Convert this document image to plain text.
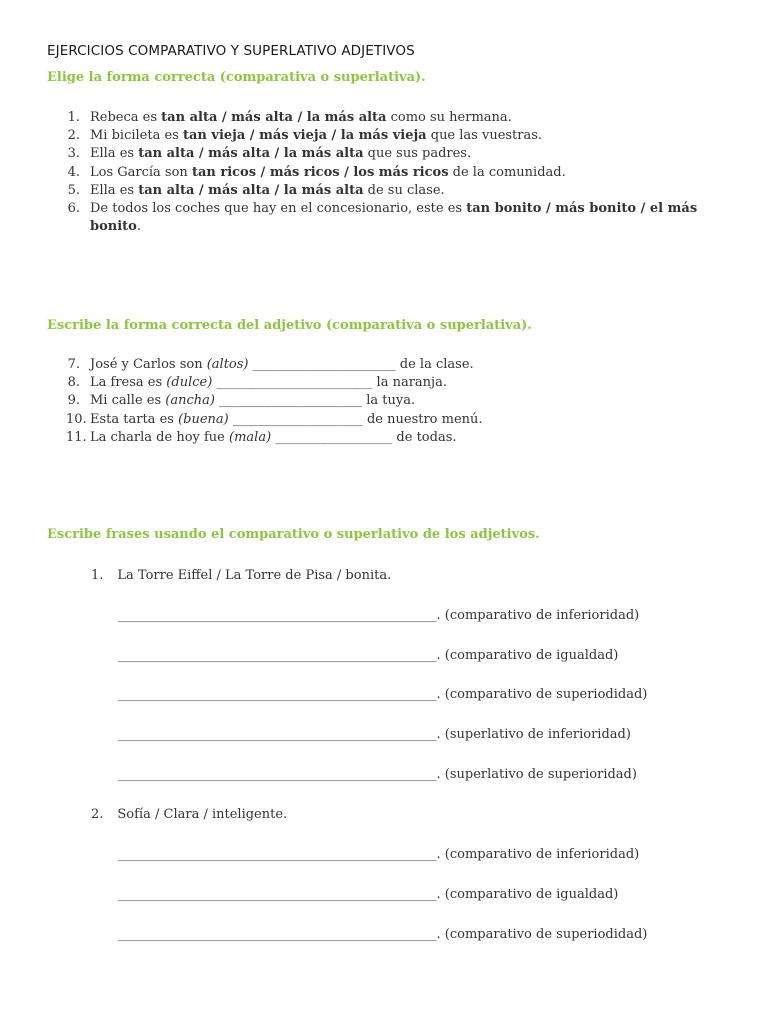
EJERCICIOS COMPARATIVO Y SUPERLATIVO ADJETIVOS
Elige la forma correcta (comparativa o superlativa).
1. Rebeca es tan alta / más alta / la más alta como su hermana.
2. Mi bicileta es tan vieja / más vieja / la más vieja que las vuestras.
3. Ella es tan alta / más alta / la más alta que sus padres.
4. Los García son tan ricos / más ricos / los más ricos de la comunidad.
5. Ella es tan alta / más alta / la más alta de su clase.
6. De todos los coches que hay en el concesionario, este es tan bonito / más bonito / el más bonito.
Escribe la forma correcta del adjetivo (comparativa o superlativa).
7. José y Carlos son (altos) ______________________ de la clase.
8. La fresa es (dulce) ________________________ la naranja.
9. Mi calle es (ancha) ______________________ la tuya.
10. Esta tarta es (buena) ____________________ de nuestro menú.
11. La charla de hoy fue (mala) __________________ de todas.
Escribe frases usando el comparativo o superlativo de los adjetivos.
1. La Torre Eiffel / La Torre de Pisa / bonita.
_________________________________________________. (comparativo de inferioridad)
_________________________________________________. (comparativo de igualdad)
_________________________________________________. (comparativo de superiodidad)
_________________________________________________. (superlativo de inferioridad)
_________________________________________________. (superlativo de superioridad)
2. Sofía / Clara / inteligente.
_________________________________________________. (comparativo de inferioridad)
_________________________________________________. (comparativo de igualdad)
_________________________________________________. (comparativo de superiodidad)
